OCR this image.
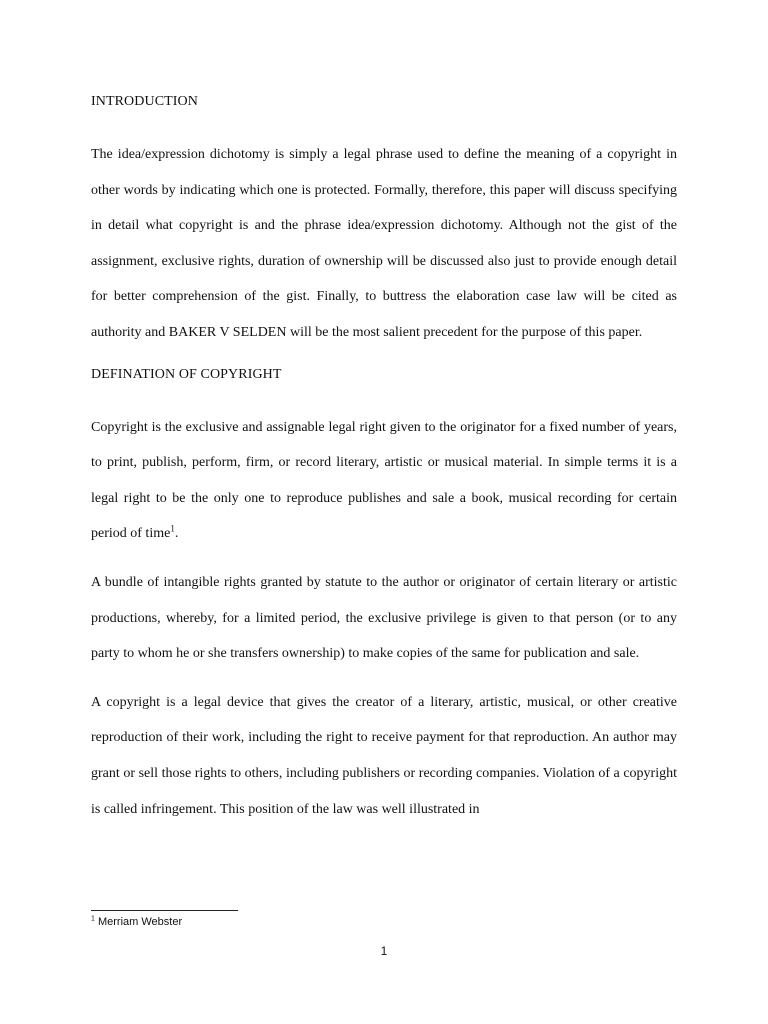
INTRODUCTION

The idea/expression dichotomy is simply a legal phrase used to define the meaning of a copyright in other words by indicating which one is protected. Formally, therefore, this paper will discuss specifying in detail what copyright is and the phrase idea/expression dichotomy. Although not the gist of the assignment, exclusive rights, duration of ownership will be discussed also just to provide enough detail for better comprehension of the gist. Finally, to buttress the elaboration case law will be cited as authority and BAKER V SELDEN will be the most salient precedent for the purpose of this paper.

DEFINATION OF COPYRIGHT

Copyright is the exclusive and assignable legal right given to the originator for a fixed number of years, to print, publish, perform, firm, or record literary, artistic or musical material. In simple terms it is a legal right to be the only one to reproduce publishes and sale a book, musical recording for certain period of time$^1$.

A bundle of intangible rights granted by statute to the author or originator of certain literary or artistic productions, whereby, for a limited period, the exclusive privilege is given to that person (or to any party to whom he or she transfers ownership) to make copies of the same for publication and sale.

A copyright is a legal device that gives the creator of a literary, artistic, musical, or other creative reproduction of their work, including the right to receive payment for that reproduction. An author may grant or sell those rights to others, including publishers or recording companies. Violation of a copyright is called infringement. This position of the law was well illustrated in

$^1$ Merriam Webster
1
